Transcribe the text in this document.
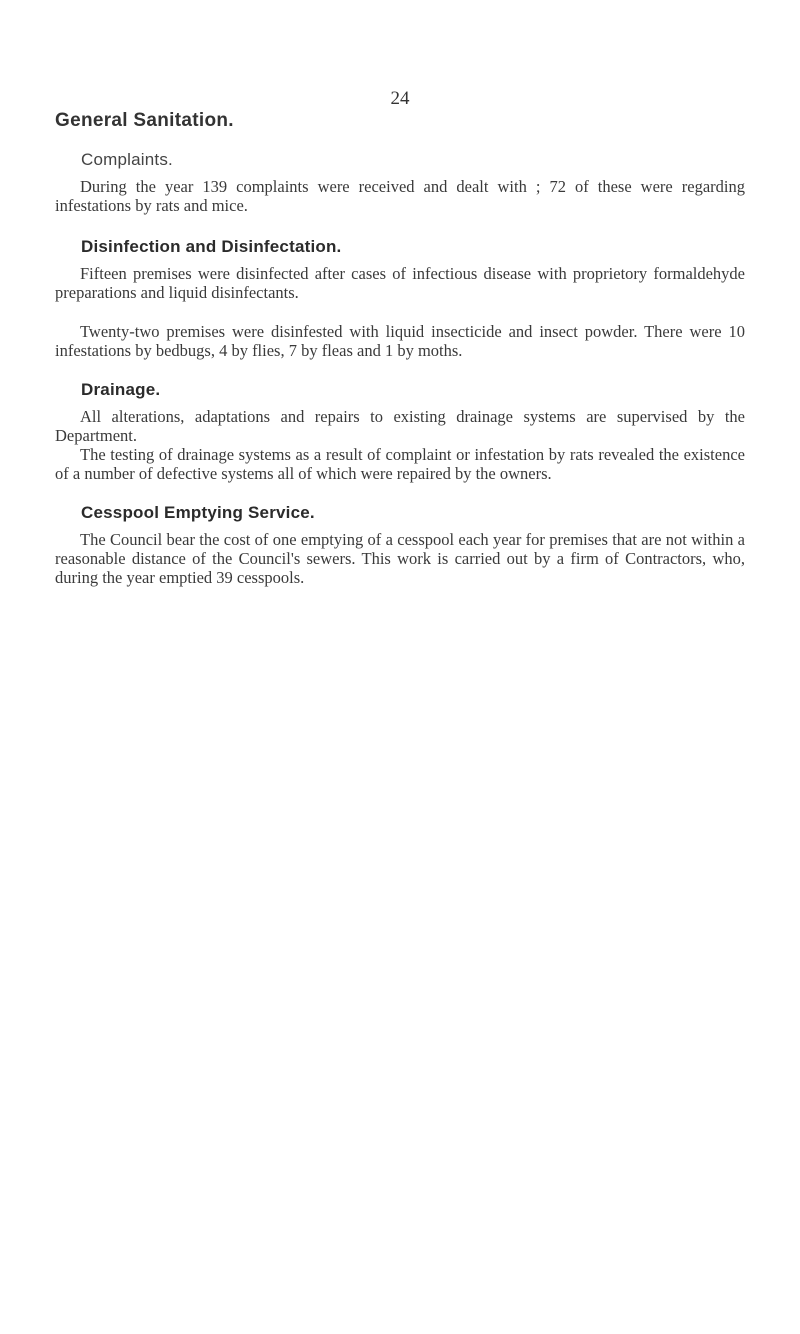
24
General Sanitation.
Complaints.

During the year 139 complaints were received and dealt with ; 72 of these were regarding infestations by rats and mice.

Disinfection and Disinfectation.

Fifteen premises were disinfected after cases of infectious disease with proprietory formaldehyde preparations and liquid disinfectants.

Twenty-two premises were disinfested with liquid insecticide and insect powder. There were 10 infestations by bedbugs, 4 by flies, 7 by fleas and 1 by moths.

Drainage.

All alterations, adaptations and repairs to existing drainage systems are supervised by the Department.

The testing of drainage systems as a result of complaint or infestation by rats revealed the existence of a number of defective systems all of which were repaired by the owners.

Cesspool Emptying Service.

The Council bear the cost of one emptying of a cesspool each year for premises that are not within a reasonable distance of the Council's sewers. This work is carried out by a firm of Contractors, who, during the year emptied 39 cesspools.
